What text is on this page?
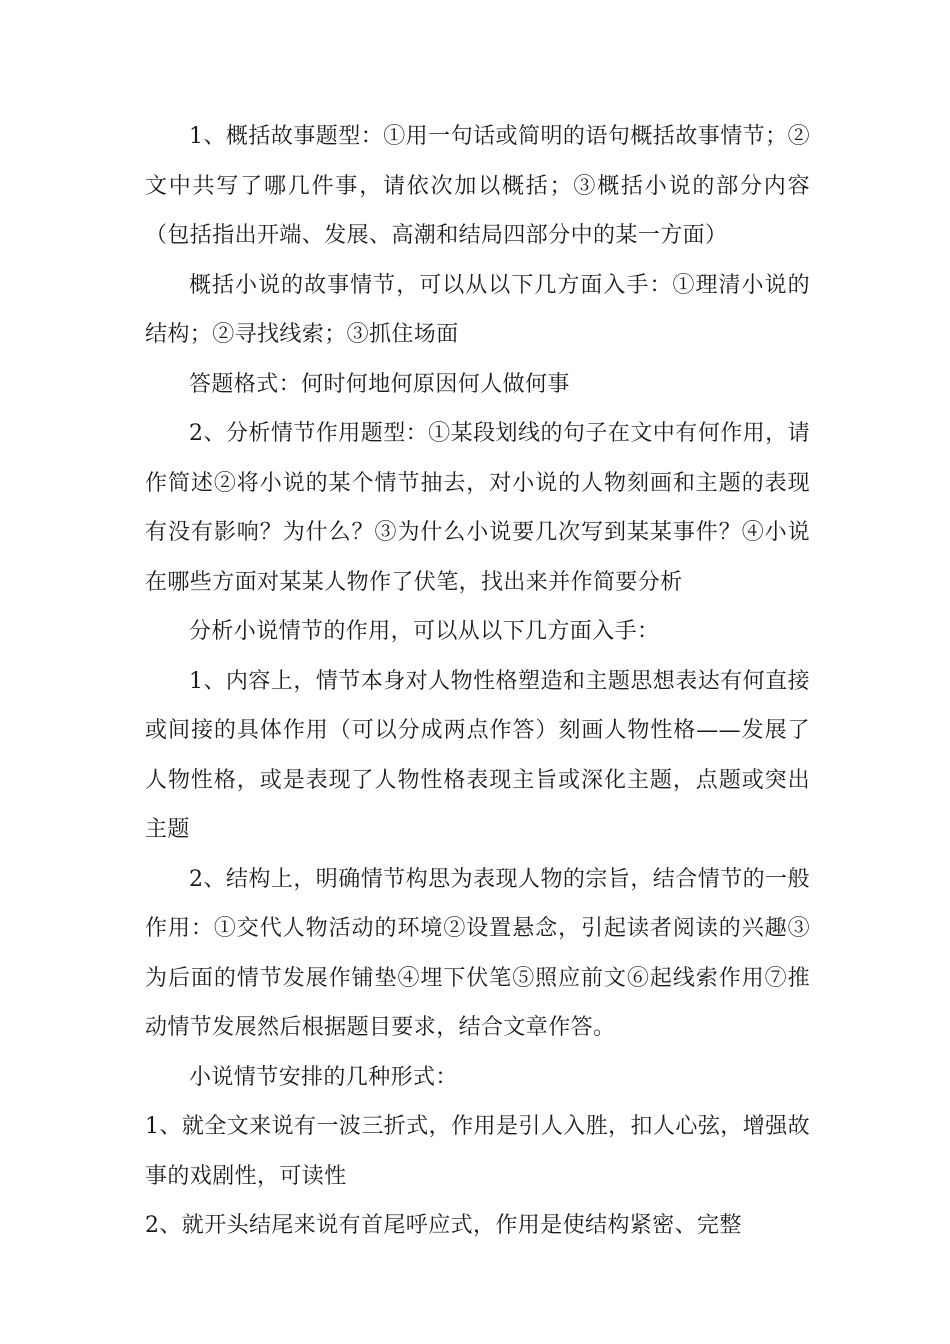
1、概括故事题型：①用一句话或简明的语句概括故事情节；②文中共写了哪几件事，请依次加以概括；③概括小说的部分内容（包括指出开端、发展、高潮和结局四部分中的某一方面）

概括小说的故事情节，可以从以下几方面入手：①理清小说的结构；②寻找线索；③抓住场面

答题格式：何时何地何原因何人做何事

2、分析情节作用题型：①某段划线的句子在文中有何作用，请作简述②将小说的某个情节抽去，对小说的人物刻画和主题的表现有没有影响？为什么？③为什么小说要几次写到某某事件？④小说在哪些方面对某某人物作了伏笔，找出来并作简要分析

分析小说情节的作用，可以从以下几方面入手：

1、内容上，情节本身对人物性格塑造和主题思想表达有何直接或间接的具体作用（可以分成两点作答）刻画人物性格——发展了人物性格，或是表现了人物性格表现主旨或深化主题，点题或突出主题

2、结构上，明确情节构思为表现人物的宗旨，结合情节的一般作用：①交代人物活动的环境②设置悬念，引起读者阅读的兴趣③为后面的情节发展作铺垫④埋下伏笔⑤照应前文⑥起线索作用⑦推动情节发展然后根据题目要求，结合文章作答。

小说情节安排的几种形式：

1、就全文来说有一波三折式，作用是引人入胜，扣人心弦，增强故事的戏剧性，可读性

2、就开头结尾来说有首尾呼应式，作用是使结构紧密、完整
